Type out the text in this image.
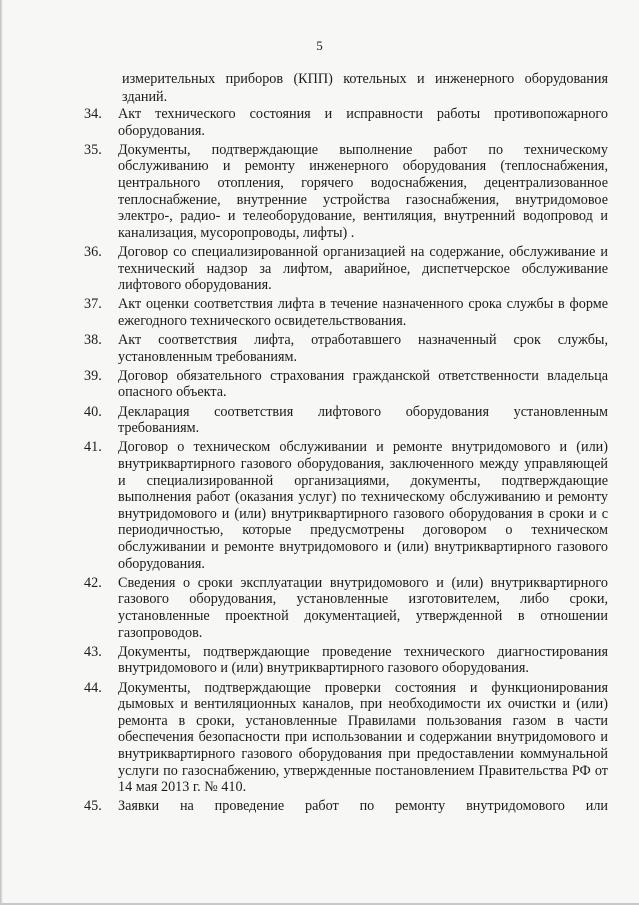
5
измерительных приборов (КПП) котельных и инженерного оборудования зданий.
34.	Акт технического состояния и исправности работы противопожарного оборудования.
35.	Документы, подтверждающие выполнение работ по техническому обслуживанию и ремонту инженерного оборудования (теплоснабжения, центрального отопления, горячего водоснабжения, децентрализованное теплоснабжение, внутренние устройства газоснабжения, внутридомовое электро-, радио- и телеоборудование, вентиляция, внутренний водопровод и канализация, мусоропроводы, лифты) .
36.	Договор со специализированной организацией на содержание, обслуживание и технический надзор за лифтом, аварийное, диспетчерское обслуживание лифтового оборудования.
37.	Акт оценки соответствия лифта в течение назначенного срока службы в форме ежегодного технического освидетельствования.
38.	Акт соответствия лифта, отработавшего назначенный срок службы, установленным требованиям.
39.	Договор обязательного страхования гражданской ответственности владельца опасного объекта.
40.	Декларация соответствия лифтового оборудования установленным требованиям.
41.	Договор о техническом обслуживании и ремонте внутридомового и (или) внутриквартирного газового оборудования, заключенного между управляющей и специализированной организациями, документы, подтверждающие выполнения работ (оказания услуг) по техническому обслуживанию и ремонту внутридомового и (или) внутриквартирного газового оборудования в сроки и с периодичностью, которые предусмотрены договором о техническом обслуживании и ремонте внутридомового и (или) внутриквартирного газового оборудования.
42.	Сведения о сроки эксплуатации внутридомового и (или) внутриквартирного газового оборудования, установленные изготовителем, либо сроки, установленные проектной документацией, утвержденной в отношении газопроводов.
43.	Документы, подтверждающие проведение технического диагностирования внутридомового и (или) внутриквартирного газового оборудования.
44.	Документы, подтверждающие проверки состояния и функционирования дымовых и вентиляционных каналов, при необходимости их очистки и (или) ремонта в сроки, установленные Правилами пользования газом в части обеспечения безопасности при использовании и содержании внутридомового и внутриквартирного газового оборудования при предоставлении коммунальной услуги по газоснабжению, утвержденные постановлением Правительства РФ от 14 мая 2013 г. № 410.
45.	Заявки на проведение работ по ремонту внутридомового или
